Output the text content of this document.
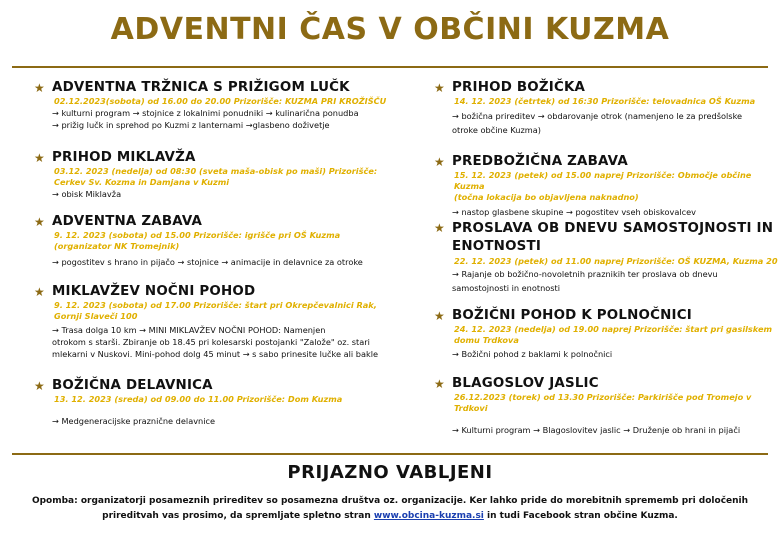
ADVENTNI ČAS V OBČINI KUZMA
★ ADVENTNA TRŽNICA S PRIŽIGOM LUČK
02.12.2023(sobota) od 16.00 do 20.00 Prizorišče: KUZMA PRI KROŽIŠČU
→ kulturni program → stojnice z lokalnimi ponudniki → kulinarična ponudba
→ prižig lučk in sprehod po Kuzmi z lanternami →glasbeno doživetje
★ PRIHOD MIKLAVŽA
03.12. 2023 (nedelja) od 08:30 (sveta maša-obisk po maši) Prizorišče:
Cerkev Sv. Kozma in Damjana v Kuzmi
→ obisk Miklavža
★ ADVENTNA ZABAVA
9. 12. 2023 (sobota) od 15.00 Prizorišče: igrišče pri OŠ Kuzma
(organizator NK Tromejnik)
→ pogostitev s hrano in pijačo → stojnice → animacije in delavnice za otroke
★ MIKLAVŽEV NOČNI POHOD
9. 12. 2023 (sobota) od 17.00 Prizorišče: štart pri Okrepčevalnici Rak,
Gornji Slaveči 100
→ Trasa dolga 10 km → MINI MIKLAVŽEV NOČNI POHOD: Namenjen
otrokom s starši. Zbiranje ob 18.45 pri kolesarski postojanki "Založe" oz. stari
mlekarni v Nuskovi. Mini-pohod dolg 45 minut → s sabo prinesite lučke ali bakle
★ BOŽIČNA DELAVNICA
13. 12. 2023 (sreda) od 09.00 do 11.00 Prizorišče: Dom Kuzma
→ Medgeneracijske praznične delavnice
★ PRIHOD BOŽIČKA
14. 12. 2023 (četrtek) od 16:30 Prizorišče: telovadnica OŠ Kuzma
→ božična prireditev → obdarovanje otrok (namenjeno le za predšolske
otroke občine Kuzma)
★ PREDBOŽIČNA ZABAVA
15. 12. 2023 (petek) od 15.00 naprej Prizorišče: Območje občine Kuzma
(točna lokacija bo objavljena naknadno)
→ nastop glasbene skupine → pogostitev vseh obiskovalcev
★ PROSLAVA OB DNEVU SAMOSTOJNOSTI IN ENOTNOSTI
22. 12. 2023 (petek) od 11.00 naprej Prizorišče: OŠ KUZMA, Kuzma 20
→ Rajanje ob božično-novoletnih praznikih ter proslava ob dnevu
samostojnosti in enotnosti
★ BOŽIČNI POHOD K POLNOČNICI
24. 12. 2023 (nedelja) od 19.00 naprej Prizorišče: štart pri gasilskem
domu Trdkova
→ Božični pohod z baklami k polnočnici
★ BLAGOSLOV JASLIC
26.12.2023 (torek) od 13.30 Prizorišče: Parkirišče pod Tromejo v Trdkovi
→ Kulturni program → Blagoslovitev jaslic → Druženje ob hrani in pijači
PRIJAZNO VABLJENI
Opomba: organizatorji posameznih prireditev so posamezna društva oz. organizacije. Ker lahko pride do morebitnih sprememb pri določenih prireditvah vas prosimo, da spremljate spletno stran www.obcina-kuzma.si in tudi Facebook stran občine Kuzma.
